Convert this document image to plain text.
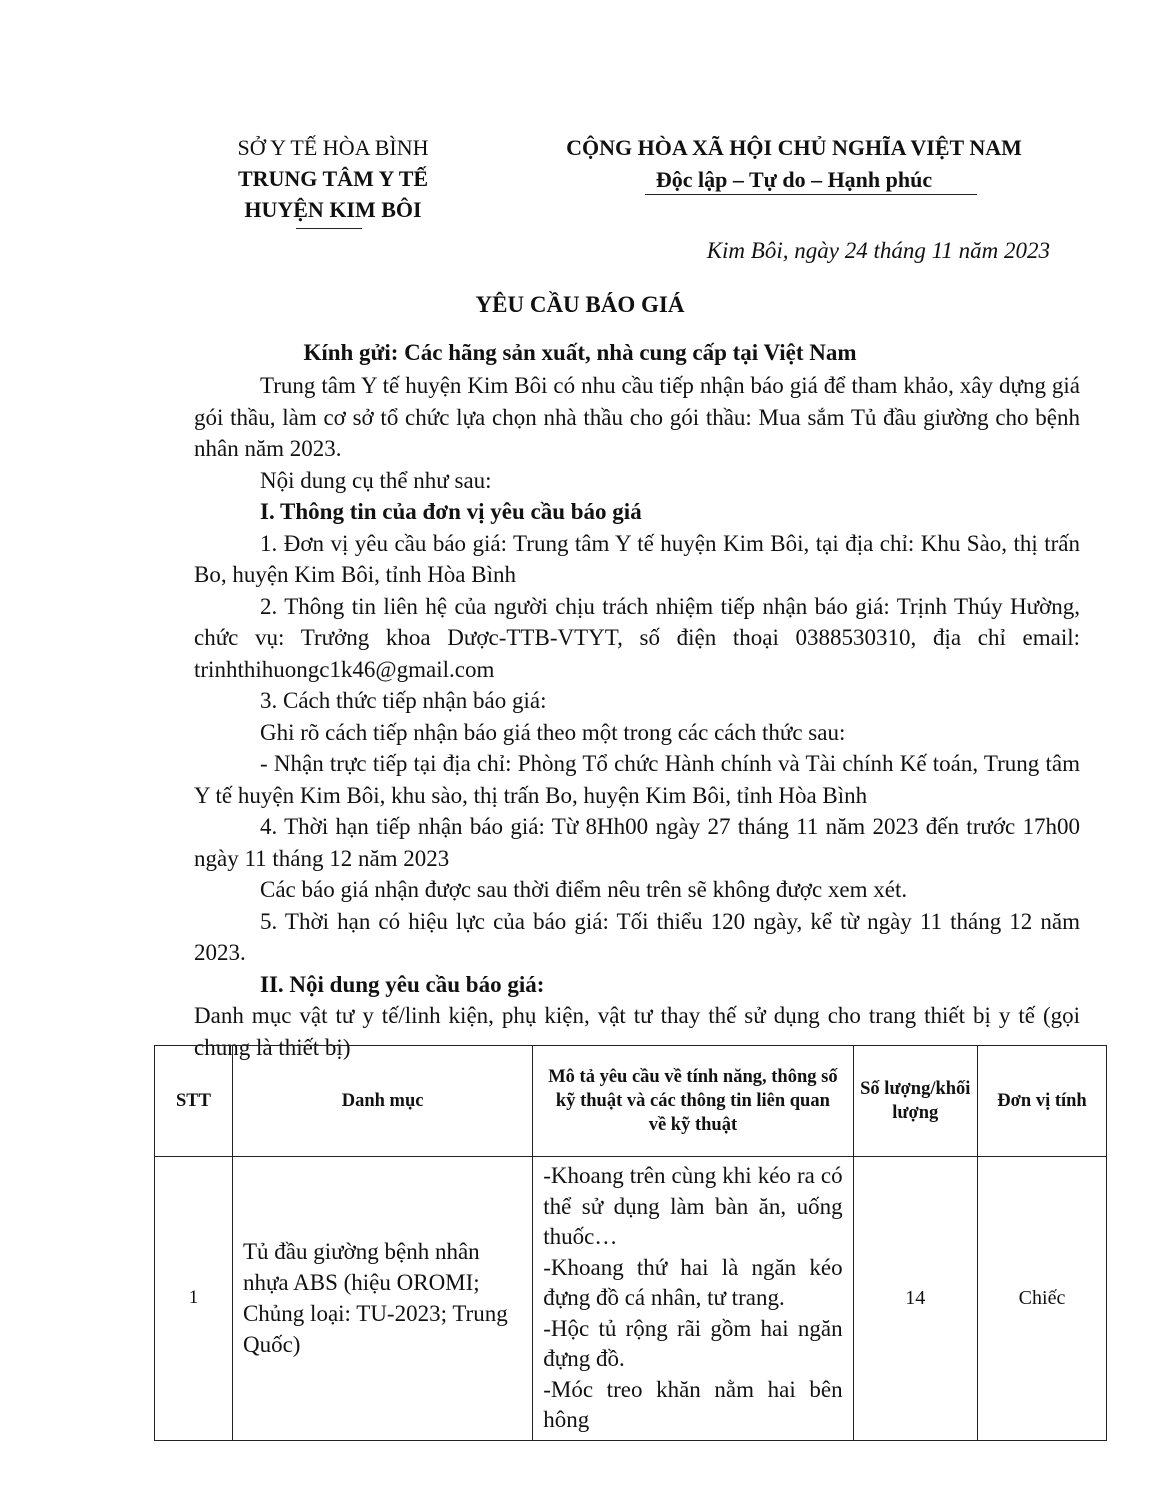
SỞ Y TẾ HÒA BÌNH
TRUNG TÂM Y TẾ
HUYỆN KIM BÔI
CỘNG HÒA XÃ HỘI CHỦ NGHĨA VIỆT NAM
Độc lập – Tự do – Hạnh phúc
Kim Bôi, ngày 24 tháng 11 năm 2023
YÊU CẦU BÁO GIÁ
Kính gửi: Các hãng sản xuất, nhà cung cấp tại Việt Nam

Trung tâm Y tế huyện Kim Bôi có nhu cầu tiếp nhận báo giá để tham khảo, xây dựng giá gói thầu, làm cơ sở tổ chức lựa chọn nhà thầu cho gói thầu: Mua sắm Tủ đầu giường cho bệnh nhân năm 2023.

Nội dung cụ thể như sau:

I. Thông tin của đơn vị yêu cầu báo giá

1. Đơn vị yêu cầu báo giá: Trung tâm Y tế huyện Kim Bôi, tại địa chỉ: Khu Sào, thị trấn Bo, huyện Kim Bôi, tỉnh Hòa Bình

2. Thông tin liên hệ của người chịu trách nhiệm tiếp nhận báo giá: Trịnh Thúy Hường, chức vụ: Trưởng khoa Dược-TTB-VTYT, số điện thoại 0388530310, địa chỉ email: trinhthihuongc1k46@gmail.com

3. Cách thức tiếp nhận báo giá:

Ghi rõ cách tiếp nhận báo giá theo một trong các cách thức sau:

- Nhận trực tiếp tại địa chỉ: Phòng Tổ chức Hành chính và Tài chính Kế toán, Trung tâm Y tế huyện Kim Bôi, khu sào, thị trấn Bo, huyện Kim Bôi, tỉnh Hòa Bình

4. Thời hạn tiếp nhận báo giá: Từ 8Hh00 ngày 27 tháng 11 năm 2023 đến trước 17h00 ngày 11 tháng 12 năm 2023

Các báo giá nhận được sau thời điểm nêu trên sẽ không được xem xét.

5. Thời hạn có hiệu lực của báo giá: Tối thiểu 120 ngày, kể từ ngày 11 tháng 12 năm 2023.

II. Nội dung yêu cầu báo giá:

Danh mục vật tư y tế/linh kiện, phụ kiện, vật tư thay thế sử dụng cho trang thiết bị y tế (gọi chung là thiết bị)

STT	Danh mục	Mô tả yêu cầu về tính năng, thông số kỹ thuật và các thông tin liên quan về kỹ thuật	Số lượng/khối lượng	Đơn vị tính
1	Tủ đầu giường bệnh nhân nhựa ABS (hiệu OROMI; Chủng loại: TU-2023; Trung Quốc)	-Khoang trên cùng khi kéo ra có thể sử dụng làm bàn ăn, uống thuốc…
-Khoang thứ hai là ngăn kéo đựng đồ cá nhân, tư trang.
-Hộc tủ rộng rãi gồm hai ngăn đựng đồ.
-Móc treo khăn nằm hai bên hông	14	Chiếc
